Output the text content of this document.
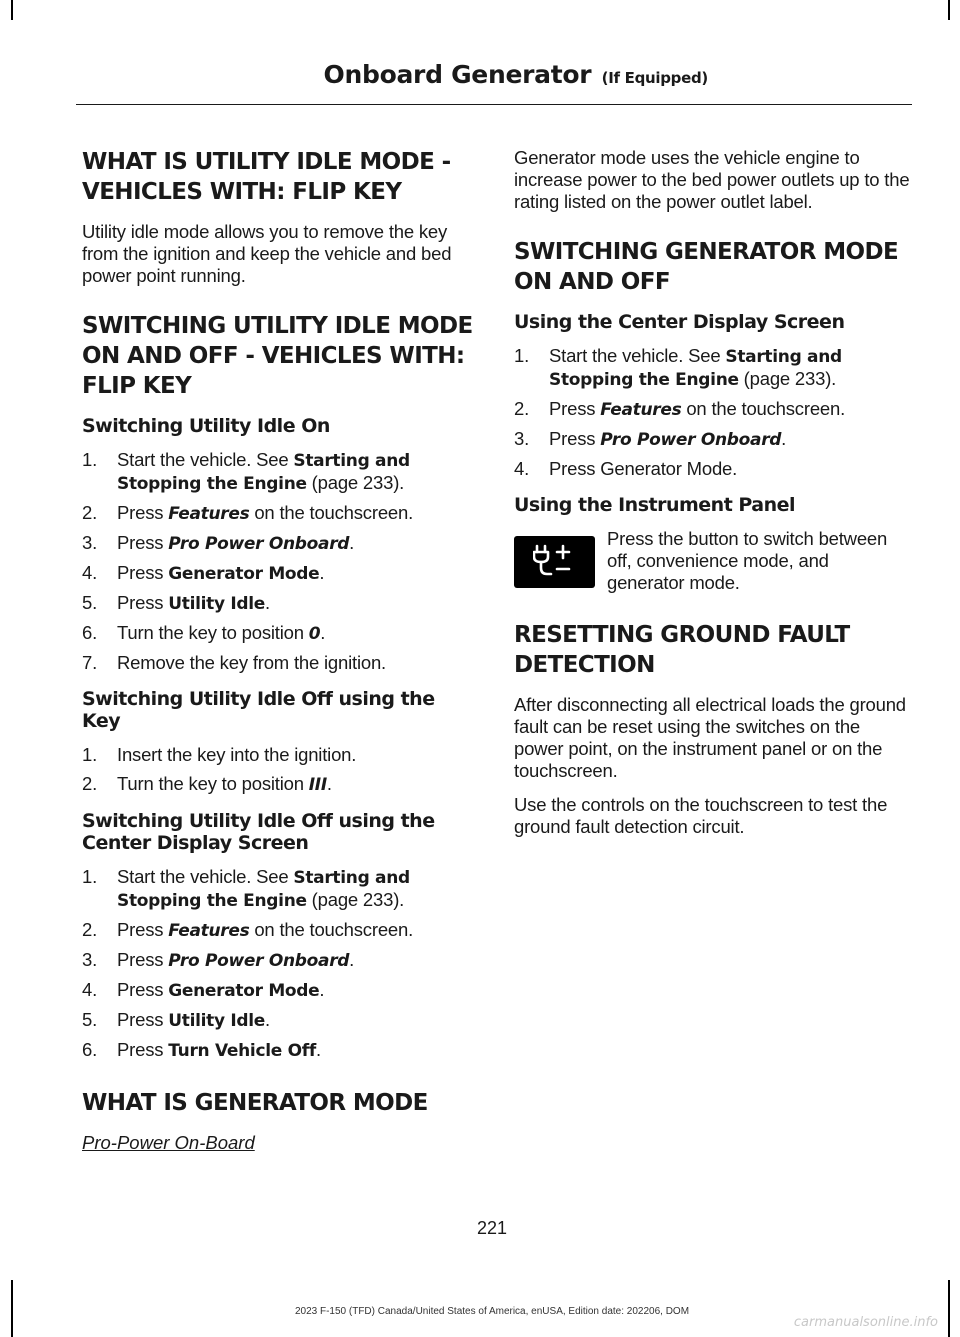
Onboard Generator (If Equipped)
WHAT IS UTILITY IDLE MODE - VEHICLES WITH: FLIP KEY

Utility idle mode allows you to remove the key from the ignition and keep the vehicle and bed power point running.

SWITCHING UTILITY IDLE MODE ON AND OFF - VEHICLES WITH: FLIP KEY
Switching Utility Idle On
1. Start the vehicle. See Starting and Stopping the Engine (page 233).
2. Press Features on the touchscreen.
3. Press Pro Power Onboard.
4. Press Generator Mode.
5. Press Utility Idle.
6. Turn the key to position 0.
7. Remove the key from the ignition.
Switching Utility Idle Off using the Key
1. Insert the key into the ignition.
2. Turn the key to position III.
Switching Utility Idle Off using the Center Display Screen
1. Start the vehicle. See Starting and Stopping the Engine (page 233).
2. Press Features on the touchscreen.
3. Press Pro Power Onboard.
4. Press Generator Mode.
5. Press Utility Idle.
6. Press Turn Vehicle Off.
WHAT IS GENERATOR MODE
Pro-Power On-Board

Generator mode uses the vehicle engine to increase power to the bed power outlets up to the rating listed on the power outlet label.

SWITCHING GENERATOR MODE ON AND OFF
Using the Center Display Screen
1. Start the vehicle. See Starting and Stopping the Engine (page 233).
2. Press Features on the touchscreen.
3. Press Pro Power Onboard.
4. Press Generator Mode.
Using the Instrument Panel

Press the button to switch between off, convenience mode, and generator mode.

RESETTING GROUND FAULT DETECTION

After disconnecting all electrical loads the ground fault can be reset using the switches on the power point, on the instrument panel or on the touchscreen.

Use the controls on the touchscreen to test the ground fault detection circuit.

221
2023 F-150 (TFD) Canada/United States of America, enUSA, Edition date: 202206, DOM
carmanualsonline.info
